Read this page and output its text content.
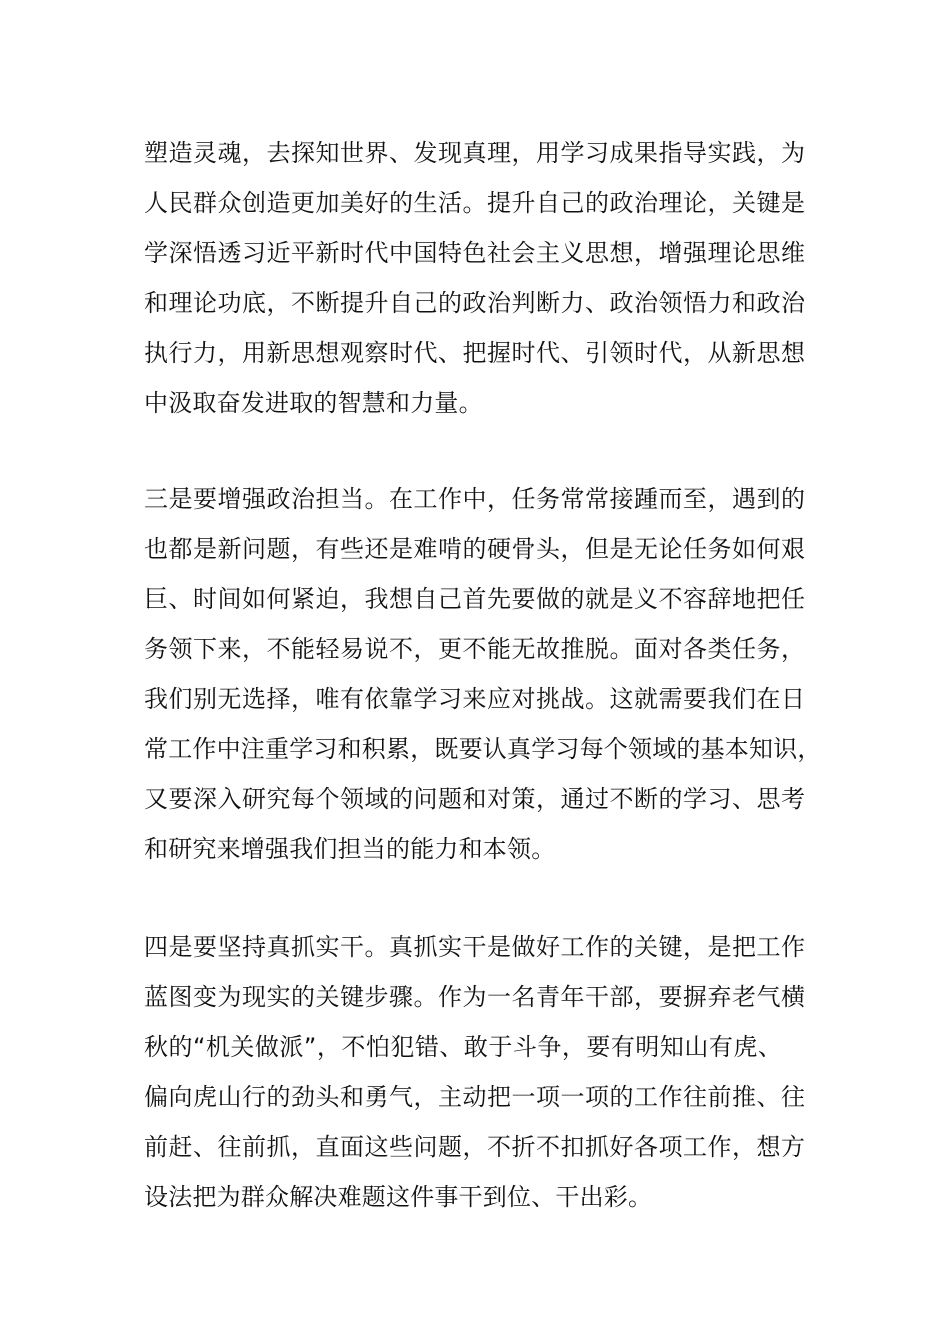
塑造灵魂，去探知世界、发现真理，用学习成果指导实践，为
人民群众创造更加美好的生活。提升自己的政治理论，关键是
学深悟透习近平新时代中国特色社会主义思想，增强理论思维
和理论功底，不断提升自己的政治判断力、政治领悟力和政治
执行力，用新思想观察时代、把握时代、引领时代，从新思想
中汲取奋发进取的智慧和力量。
三是要增强政治担当。在工作中，任务常常接踵而至，遇到的
也都是新问题，有些还是难啃的硬骨头，但是无论任务如何艰
巨、时间如何紧迫，我想自己首先要做的就是义不容辞地把任
务领下来，不能轻易说不，更不能无故推脱。面对各类任务，
我们别无选择，唯有依靠学习来应对挑战。这就需要我们在日
常工作中注重学习和积累，既要认真学习每个领域的基本知识，
又要深入研究每个领域的问题和对策，通过不断的学习、思考
和研究来增强我们担当的能力和本领。
四是要坚持真抓实干。真抓实干是做好工作的关键，是把工作
蓝图变为现实的关键步骤。作为一名青年干部，要摒弃老气横
秋的“机关做派”，不怕犯错、敢于斗争，要有明知山有虎、
偏向虎山行的劲头和勇气，主动把一项一项的工作往前推、往
前赶、往前抓，直面这些问题，不折不扣抓好各项工作，想方
设法把为群众解决难题这件事干到位、干出彩。
